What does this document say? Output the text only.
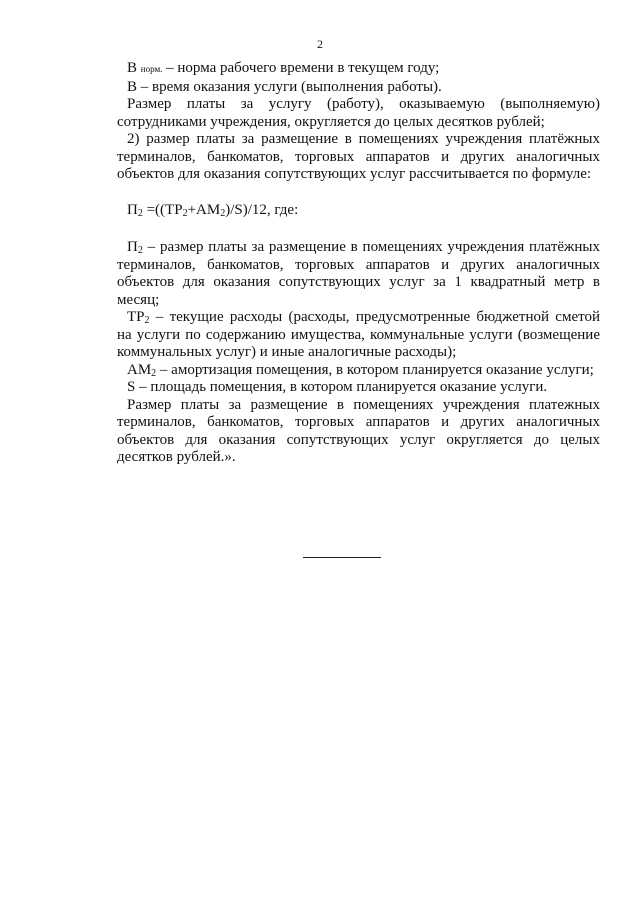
2

В норм. – норма рабочего времени в текущем году;

В – время оказания услуги (выполнения работы).

Размер платы за услугу (работу), оказываемую (выполняемую) сотрудниками учреждения, округляется до целых десятков рублей;

2) размер платы за размещение в помещениях учреждения платёжных терминалов, банкоматов, торговых аппаратов и других аналогичных объектов для оказания сопутствующих услуг рассчитывается по формуле:

$П_2 =((ТР_2+АМ_2)/S)/12$, где:

$П_2$ – размер платы за размещение в помещениях учреждения платёжных терминалов, банкоматов, торговых аппаратов и других аналогичных объектов для оказания сопутствующих услуг за 1 квадратный метр в месяц;

$ТР_2$ – текущие расходы (расходы, предусмотренные бюджетной сметой на услуги по содержанию имущества, коммунальные услуги (возмещение коммунальных услуг) и иные аналогичные расходы);

$АМ_2$ – амортизация помещения, в котором планируется оказание услуги;

S – площадь помещения, в котором планируется оказание услуги.

Размер платы за размещение в помещениях учреждения платежных терминалов, банкоматов, торговых аппаратов и других аналогичных объектов для оказания сопутствующих услуг округляется до целых десятков рублей.».
